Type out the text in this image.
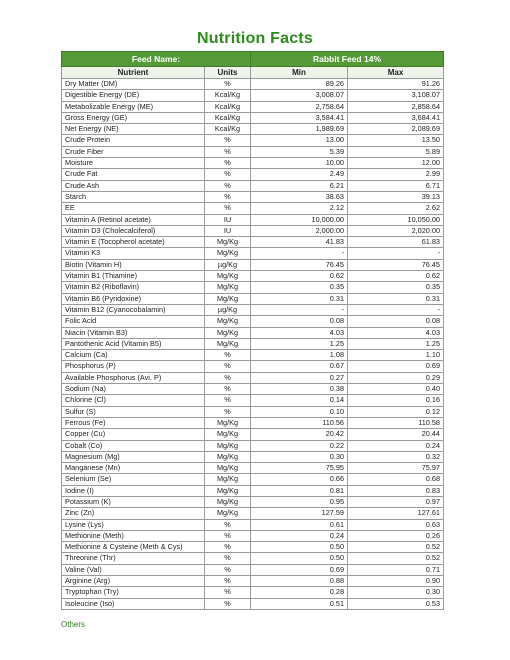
Nutrition Facts
Feed Name:		Rabbit Feed 14%	
Nutrient	Units	Min	Max
Dry Matter (DM)	%	89.26	91.26
Digestible Energy (DE)	Kcal/Kg	3,008.07	3,108.07
Metabolizable Energy (ME)	Kcal/Kg	2,758.64	2,858.64
Gross Energy (GE)	Kcal/Kg	3,584.41	3,684.41
Net Energy (NE)	Kcal/Kg	1,989.69	2,089.69
Crude Protein	%	13.00	13.50
Crude Fiber	%	5.39	5.89
Moisture	%	10.00	12.00
Crude Fat	%	2.49	2.99
Crude Ash	%	6.21	6.71
Starch	%	38.63	39.13
EE	%	2.12	2.62
Vitamin A (Retinol acetate)	IU	10,000.00	10,050.00
Vitamin D3 (Cholecalciferol)	IU	2,000.00	2,020.00
Vitamin E (Tocopherol acetate)	Mg/Kg	41.83	61.83
Vitamin K3	Mg/Kg	-	-
Biotin (Vitamin H)	µg/Kg	76.45	76.45
Vitamin B1 (Thiamine)	Mg/Kg	0.62	0.62
Vitamin B2 (Riboflavin)	Mg/Kg	0.35	0.35
Vitamin B6 (Pyridoxine)	Mg/Kg	0.31	0.31
Vitamin B12 (Cyanocobalamin)	µg/Kg	-	-
Folic Acid	Mg/Kg	0.08	0.08
Niacin (Vitamin B3)	Mg/Kg	4.03	4.03
Pantothenic Acid (Vitamin B5)	Mg/Kg	1.25	1.25
Calcium (Ca)	%	1.08	1.10
Phosphorus (P)	%	0.67	0.69
Available Phosphorus (Avi. P)	%	0.27	0.29
Sodium (Na)	%	0.38	0.40
Chlorine (Cl)	%	0.14	0.16
Sulfur (S)	%	0.10	0.12
Ferrous (Fe)	Mg/Kg	110.56	110.58
Copper (Cu)	Mg/Kg	20.42	20.44
Cobalt (Co)	Mg/Kg	0.22	0.24
Magnesium (Mg)	Mg/Kg	0.30	0.32
Manganese (Mn)	Mg/Kg	75.95	75.97
Selenium (Se)	Mg/Kg	0.66	0.68
Iodine (I)	Mg/Kg	0.81	0.83
Potassium (K)	Mg/Kg	0.95	0.97
Zinc (Zn)	Mg/Kg	127.59	127.61
Lysine (Lys)	%	0.61	0.63
Methionine (Meth)	%	0.24	0.26
Methionine & Cysteine (Meth & Cys)	%	0.50	0.52
Threonine (Thr)	%	0.50	0.52
Valine (Val)	%	0.69	0.71
Arginine (Arg)	%	0.88	0.90
Tryptophan (Try)	%	0.28	0.30
Isoleucine (Iso)	%	0.51	0.53
Others
